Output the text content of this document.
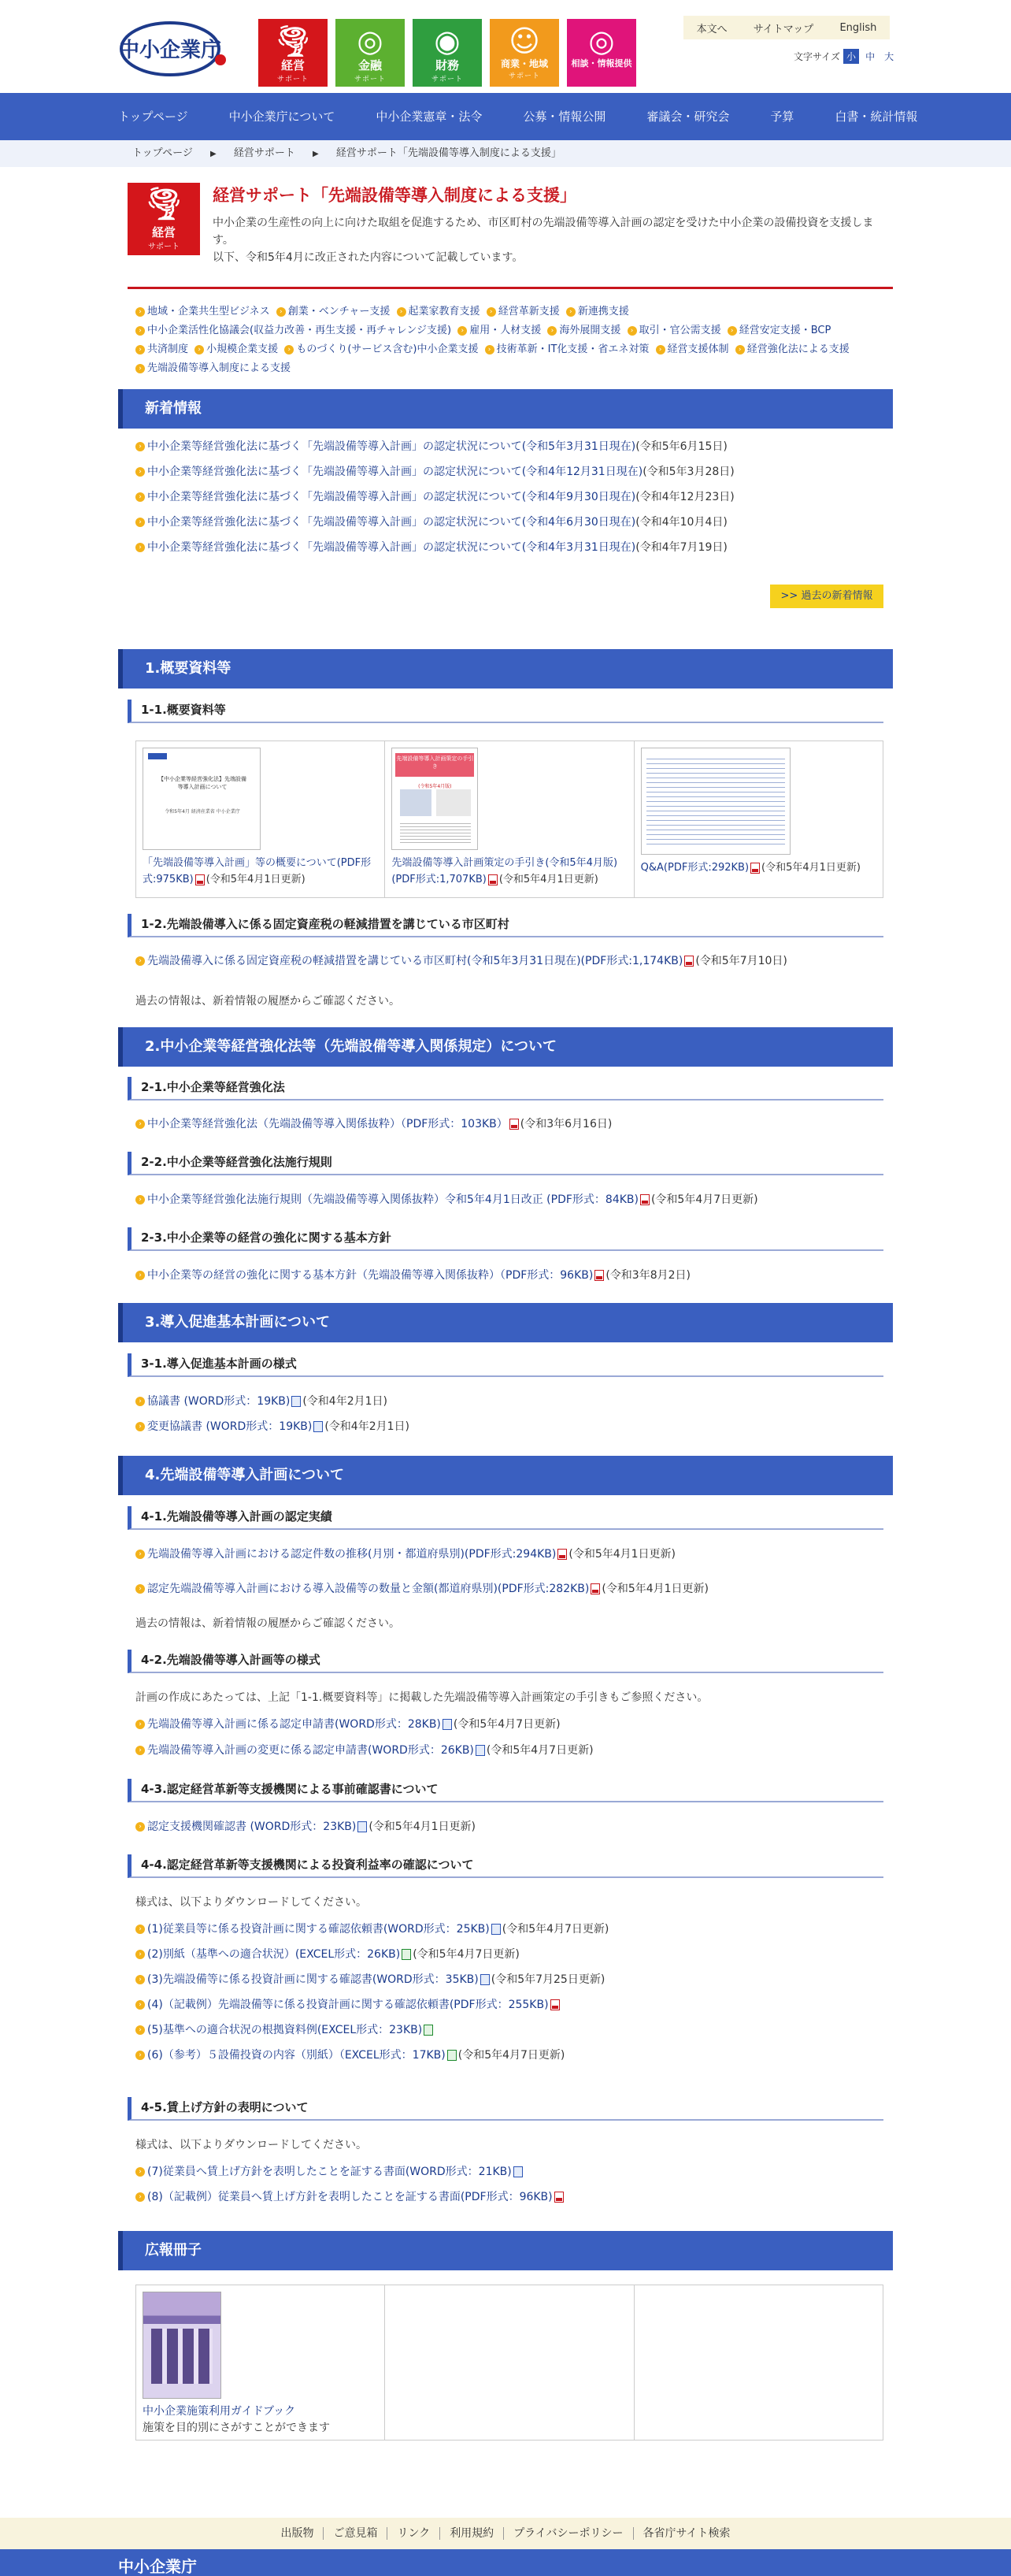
中小企業庁	🌪
経営
サポート
◎
金融
サポート
◉
財務
サポート
☺
商業・地域
サポート
◎
相談・情報提供
本文へ	サイトマップ	English
文字サイズ 小	中	大
トップページ	中小企業庁について	中小企業憲章・法令	公募・情報公開	審議会・研究会	予算	白書・統計情報
トップページ ▶ 経営サポート ▶ 経営サポート「先端設備等導入制度による支援」
🌪
経営
サポート
経営サポート「先端設備等導入制度による支援」
中小企業の生産性の向上に向けた取組を促進するため、市区町村の先端設備等導入計画の認定を受けた中小企業の設備投資を支援します。
以下、令和5年4月に改正された内容について記載しています。
› 地域・企業共生型ビジネス › 創業・ベンチャー支援 › 起業家教育支援 › 経営革新支援 › 新連携支援 › 中小企業活性化協議会(収益力改善・再生支援・再チャレンジ支援) › 雇用・人材支援 › 海外展開支援 › 取引・官公需支援 › 経営安定支援・BCP › 共済制度 › 小規模企業支援 › ものづくり(サービス含む)中小企業支援 › 技術革新・IT化支援・省エネ対策 › 経営支援体制 › 経営強化法による支援 › 先端設備等導入制度による支援
新着情報
› 中小企業等経営強化法に基づく「先端設備等導入計画」の認定状況について(令和5年3月31日現在)(令和5年6月15日)
› 中小企業等経営強化法に基づく「先端設備等導入計画」の認定状況について(令和4年12月31日現在)(令和5年3月28日)
› 中小企業等経営強化法に基づく「先端設備等導入計画」の認定状況について(令和4年9月30日現在)(令和4年12月23日)
› 中小企業等経営強化法に基づく「先端設備等導入計画」の認定状況について(令和4年6月30日現在)(令和4年10月4日)
› 中小企業等経営強化法に基づく「先端設備等導入計画」の認定状況について(令和4年3月31日現在)(令和4年7月19日)
>> 過去の新着情報
1.概要資料等
1-1.概要資料等
【中小企業等経営強化法】先端設備等導入計画について
令和5年4月 経済産業省 中小企業庁
「先端設備等導入計画」等の概要について(PDF形式:975KB) (令和5年4月1日更新)
先端設備等導入計画策定の手引き
(令和5年4月版)
先端設備等導入計画策定の手引き(令和5年4月版)(PDF形式:1,707KB) (令和5年4月1日更新)
Q&A(PDF形式:292KB) (令和5年4月1日更新)
1-2.先端設備導入に係る固定資産税の軽減措置を講じている市区町村
› 先端設備導入に係る固定資産税の軽減措置を講じている市区町村(令和5年3月31日現在)(PDF形式:1,174KB) (令和5年7月10日)
過去の情報は、新着情報の履歴からご確認ください。
2.中小企業等経営強化法等（先端設備等導入関係規定）について
2-1.中小企業等経営強化法
› 中小企業等経営強化法（先端設備等導入関係抜粋）（PDF形式：103KB） (令和3年6月16日)
2-2.中小企業等経営強化法施行規則
› 中小企業等経営強化法施行規則（先端設備等導入関係抜粋）令和5年4月1日改正 (PDF形式：84KB) (令和5年4月7日更新)
2-3.中小企業等の経営の強化に関する基本方針
› 中小企業等の経営の強化に関する基本方針（先端設備等導入関係抜粋）（PDF形式：96KB) (令和3年8月2日)
3.導入促進基本計画について
3-1.導入促進基本計画の様式
› 協議書 (WORD形式：19KB) (令和4年2月1日)
› 変更協議書 (WORD形式：19KB) (令和4年2月1日)
4.先端設備等導入計画について
4-1.先端設備等導入計画の認定実績
› 先端設備等導入計画における認定件数の推移(月別・都道府県別)(PDF形式:294KB) (令和5年4月1日更新)
› 認定先端設備等導入計画における導入設備等の数量と金額(都道府県別)(PDF形式:282KB) (令和5年4月1日更新)
過去の情報は、新着情報の履歴からご確認ください。
4-2.先端設備等導入計画等の様式
計画の作成にあたっては、上記「1-1.概要資料等」に掲載した先端設備等導入計画策定の手引きもご参照ください。
› 先端設備等導入計画に係る認定申請書(WORD形式：28KB) (令和5年4月7日更新)
› 先端設備等導入計画の変更に係る認定申請書(WORD形式：26KB) (令和5年4月7日更新)
4-3.認定経営革新等支援機関による事前確認書について
› 認定支援機関確認書 (WORD形式：23KB) (令和5年4月1日更新)
4-4.認定経営革新等支援機関による投資利益率の確認について
様式は、以下よりダウンロードしてください。
› (1)従業員等に係る投資計画に関する確認依頼書(WORD形式：25KB) (令和5年4月7日更新)
› (2)別紙（基準への適合状況）(EXCEL形式：26KB) (令和5年4月7日更新)
› (3)先端設備等に係る投資計画に関する確認書(WORD形式：35KB) (令和5年7月25日更新)
› (4)（記載例）先端設備等に係る投資計画に関する確認依頼書(PDF形式：255KB)
› (5)基準への適合状況の根拠資料例(EXCEL形式：23KB)
› (6)（参考）５設備投資の内容（別紙）（EXCEL形式：17KB) (令和5年4月7日更新)
4-5.賃上げ方針の表明について
様式は、以下よりダウンロードしてください。
› (7)従業員へ賃上げ方針を表明したことを証する書面(WORD形式：21KB)
› (8)（記載例）従業員へ賃上げ方針を表明したことを証する書面(PDF形式：96KB)
広報冊子
中小企業施策利用ガイドブック
施策を目的別にさがすことができます
出版物	ご意見箱	リンク	利用規約	プライバシーポリシー	各省庁サイト検索
中小企業庁
